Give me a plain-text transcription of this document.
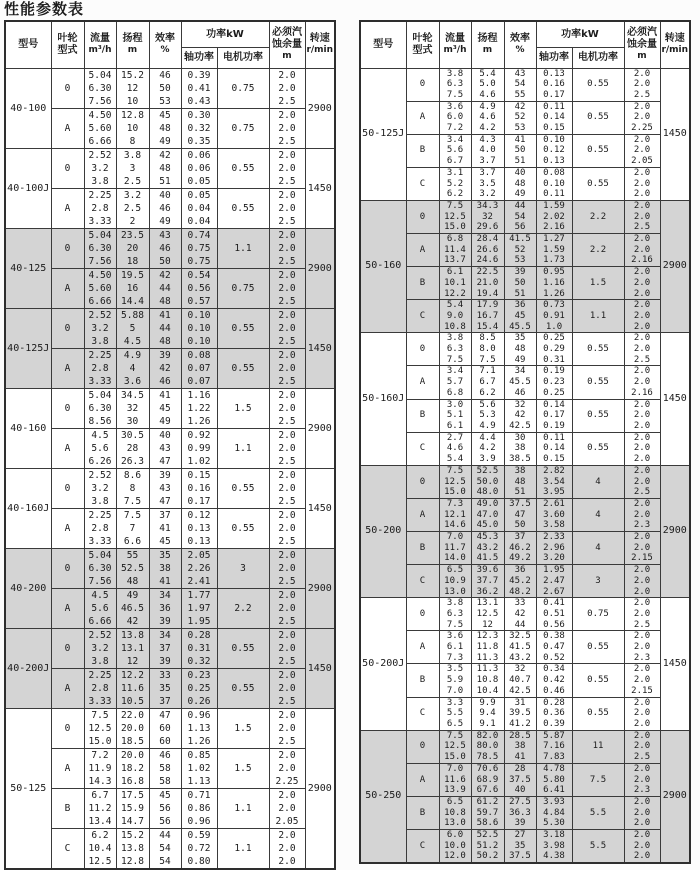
性能参数表
型号	叶轮
型式	流量
m³/h	扬程
m	效率
%	功率kW		必须汽
蚀余量
m	转速
r/min
					轴功率	电机功率		
40-100	0	5.04
6.30
7.56	15.2
12
10	46
50
53	0.39
0.41
0.43	0.75	2.0
2.0
2.5	2900
	A	4.50
5.60
6.66	12.8
10
8	45
48
49	0.30
0.32
0.35	0.75	2.0
2.0
2.5	
40-100J	0	2.52
3.2
3.8	3.8
3
2.5	42
48
51	0.06
0.06
0.05	0.55	2.0
2.0
2.5	1450
	A	2.25
2.8
3.33	3.2
2.5
2	40
46
49	0.05
0.04
0.04	0.55	2.0
2.0
2.5	
40-125	0	5.04
6.30
7.56	23.5
20
18	43
46
50	0.74
0.75
0.75	1.1	2.0
2.0
2.5	2900
	A	4.50
5.60
6.66	19.5
16
14.4	42
44
48	0.54
0.56
0.57	0.75	2.0
2.0
2.5	
40-125J	0	2.52
3.2
3.8	5.88
5
4.5	41
44
48	0.10
0.10
0.10	0.55	2.0
2.0
2.5	1450
	A	2.25
2.8
3.33	4.9
4
3.6	39
42
46	0.08
0.07
0.07	0.55	2.0
2.0
2.5	
40-160	0	5.04
6.30
8.56	34.5
32
30	41
45
49	1.16
1.22
1.26	1.5	2.0
2.0
2.5	2900
	A	4.5
5.6
6.26	30.5
28
26.3	40
43
47	0.92
0.99
1.02	1.1	2.0
2.0
2.5	
40-160J	0	2.52
3.2
3.8	8.6
8
7.5	39
43
47	0.15
0.16
0.17	0.55	2.0
2.0
2.5	1450
	A	2.25
2.8
3.33	7.5
7
6.6	37
41
45	0.12
0.13
0.13	0.55	2.0
2.0
2.5	
40-200	0	5.04
6.30
7.56	55
52.5
48	35
38
41	2.05
2.26
2.41	3	2.0
2.0
2.5	2900
	A	4.5
5.6
6.66	49
46.5
42	34
36
39	1.77
1.97
1.95	2.2	2.0
2.0
2.5	
40-200J	0	2.52
3.2
3.8	13.8
13.1
12	34
37
39	0.28
0.31
0.32	0.55	2.0
2.0
2.5	1450
	A	2.25
2.8
3.33	12.2
11.6
10.5	33
35
37	0.23
0.25
0.26	0.55	2.0
2.0
2.5	
50-125	0	7.5
12.5
15.0	22.0
20.0
18.5	47
60
60	0.96
1.13
1.26	1.5	2.0
2.0
2.5	2900
	A	7.2
11.9
14.3	20.0
18.2
16.8	46
58
58	0.85
1.02
1.13	1.5	2.0
2.0
2.25	
	B	6.7
11.2
13.4	17.5
15.9
14.7	45
56
56	0.71
0.86
0.96	1.1	2.0
2.0
2.05	
	C	6.2
10.4
12.5	15.2
13.8
12.8	44
54
54	0.59
0.72
0.80	1.1	2.0
2.0
2.0	
型号	叶轮
型式	流量
m³/h	扬程
m	效率
%	功率kW		必须汽
蚀余量
m	转速
r/min
					轴功率	电机功率		
50-125J	0	3.8
6.3
7.5	5.4
5.0
4.6	43
54
55	0.13
0.16
0.17	0.55	2.0
2.0
2.5	1450
	A	3.6
6.0
7.2	4.9
4.6
4.2	42
52
53	0.11
0.14
0.15	0.55	2.0
2.0
2.25	
	B	3.4
5.6
6.7	4.3
4.0
3.7	41
50
51	0.10
0.12
0.13	0.55	2.0
2.0
2.05	
	C	3.1
5.2
6.2	3.7
3.5
3.2	40
48
49	0.08
0.10
0.11	0.55	2.0
2.0
2.0	
50-160	0	7.5
12.5
15.0	34.3
32
29.6	44
54
56	1.59
2.02
2.16	2.2	2.0
2.0
2.5	2900
	A	6.8
11.4
13.7	28.4
26.6
24.6	41.5
52
53	1.27
1.59
1.73	2.2	2.0
2.0
2.16	
	B	6.1
10.1
12.2	22.5
21.0
19.4	39
50
51	0.95
1.16
1.26	1.5	2.0
2.0
2.0	
	C	5.4
9.0
10.8	17.9
16.7
15.4	36
45
45.5	0.73
0.91
1.0	1.1	2.0
2.0
2.0	
50-160J	0	3.8
6.3
7.5	8.5
8.0
7.5	35
48
49	0.25
0.29
0.31	0.55	2.0
2.0
2.5	1450
	A	3.4
5.7
6.8	7.1
6.7
6.2	34
45.5
46	0.19
0.23
0.25	0.55	2.0
2.0
2.16	
	B	3.0
5.1
6.1	5.6
5.3
4.9	32
42
42.5	0.14
0.17
0.19	0.55	2.0
2.0
2.0	
	C	2.7
4.6
5.4	4.4
4.2
3.9	30
38
38.5	0.11
0.14
0.15	0.55	2.0
2.0
2.0	
50-200	0	7.5
12.5
15.0	52.5
50.0
48.0	38
48
51	2.82
3.54
3.95	4	2.0
2.0
2.5	2900
	A	7.3
12.1
14.6	49.0
47.0
45.0	37.5
47
50	2.61
3.60
3.58	4	2.0
2.0
2.3	
	B	7.0
11.7
14.0	45.3
43.2
41.5	37
46.2
49.2	2.33
2.96
3.20	4	2.0
2.0
2.15	
	C	6.5
10.9
13.0	39.6
37.7
36.2	36
45.2
48.2	1.95
2.47
2.67	3	2.0
2.0
2.0	
50-200J	0	3.8
6.3
7.5	13.1
12.5
12	33
42
44	0.41
0.51
0.56	0.75	2.0
2.0
2.5	1450
	A	3.6
6.1
7.3	12.3
11.8
11.3	32.5
41.5
43.2	0.38
0.47
0.52	0.55	2.0
2.0
2.3	
	B	3.5
5.9
7.0	11.3
10.8
10.4	32
40.7
42.5	0.34
0.42
0.46	0.55	2.0
2.0
2.15	
	C	3.3
5.5
6.5	9.9
9.4
9.1	31
39.5
41.2	0.28
0.36
0.39	0.55	2.0
2.0
2.0	
50-250	0	7.5
12.5
15.0	82.0
80.0
78.5	28.5
38
41	5.87
7.16
7.83	11	2.0
2.0
2.5	2900
	A	7.0
11.6
13.9	70.6
68.9
67.6	28
37.5
40	4.78
5.80
6.41	7.5	2.0
2.0
2.3	
	B	6.5
10.8
13.0	61.2
59.7
58.6	27.5
36.3
39	3.93
4.84
5.30	5.5	2.0
2.0
2.0	
	C	6.0
10.0
12.0	52.5
51.2
50.2	27
35
37.5	3.18
3.98
4.38	5.5	2.0
2.0
2.0	
